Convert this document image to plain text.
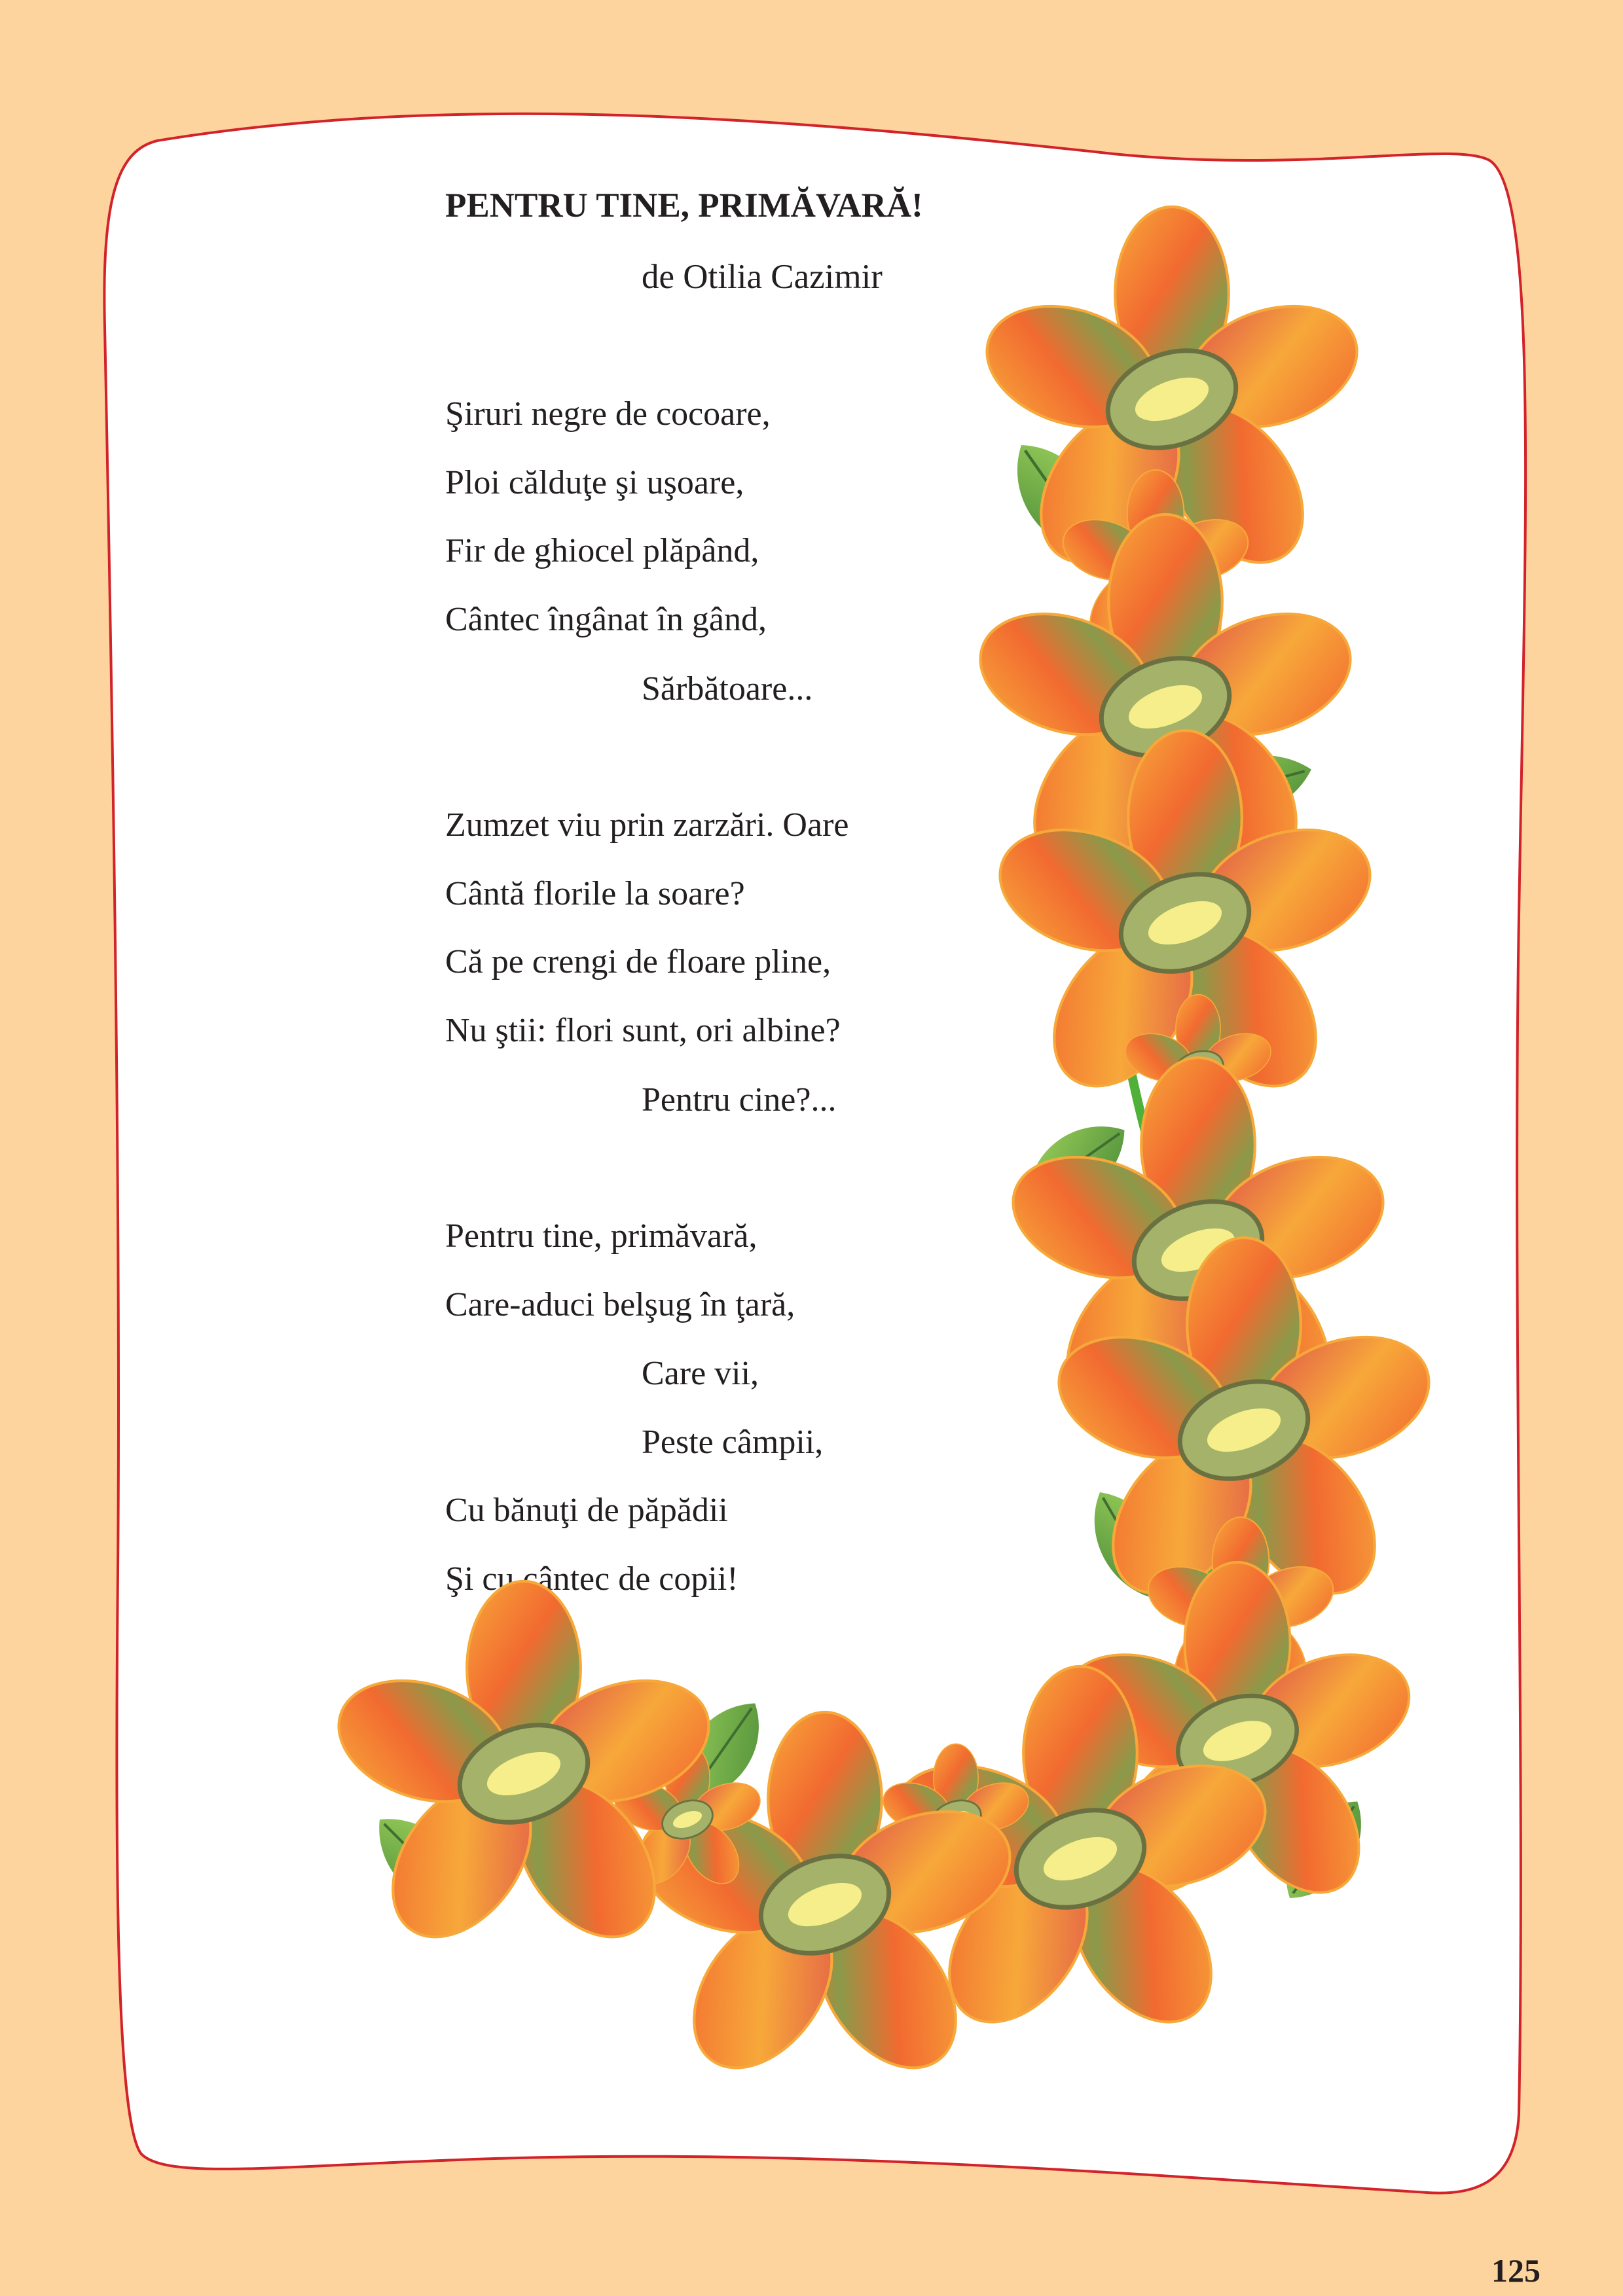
PENTRU TINE, PRIMĂVARĂ!
de Otilia Cazimir
Şiruri negre de cocoare,
Ploi călduţe şi uşoare,
Fir de ghiocel plăpând,
Cântec îngânat în gând,
Sărbătoare...
Zumzet viu prin zarzări. Oare
Cântă florile la soare?
Că pe crengi de floare pline,
Nu ştii: flori sunt, ori albine?
Pentru cine?...
Pentru tine, primăvară,
Care-aduci belşug în ţară,
Care vii,
Peste câmpii,
Cu bănuţi de păpădii
Şi cu cântec de copii!
125
